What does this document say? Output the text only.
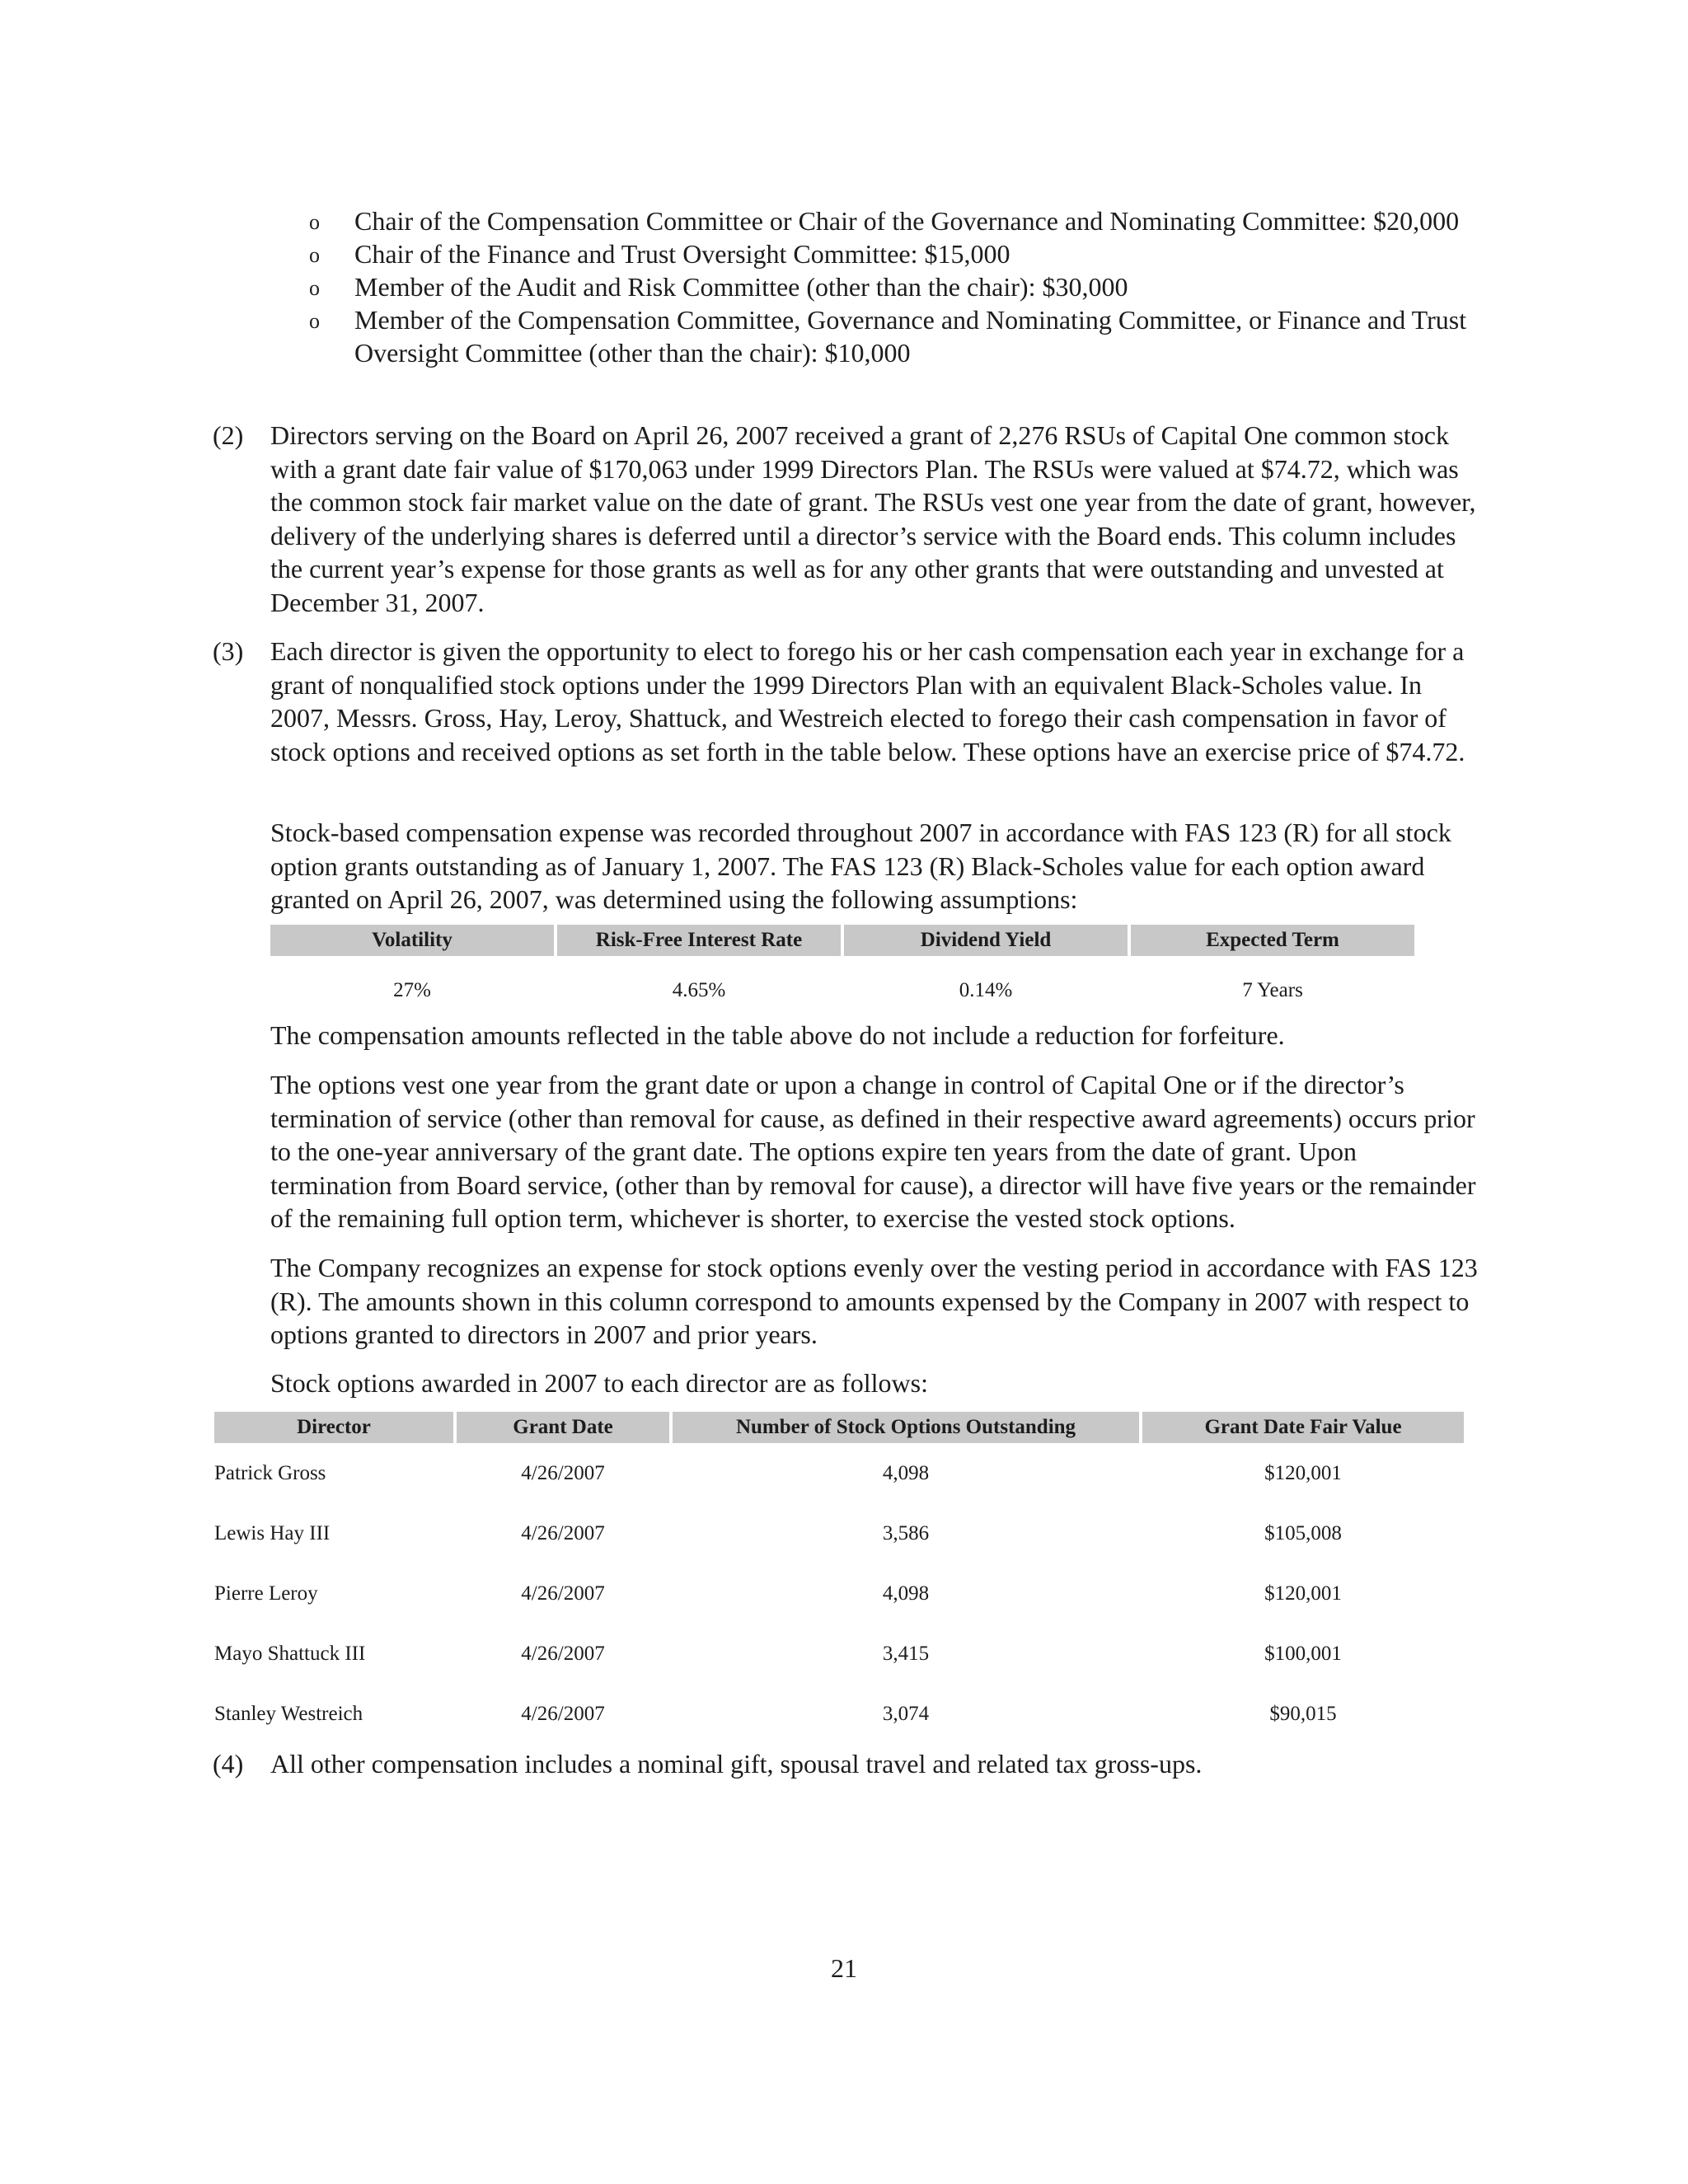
o Chair of the Compensation Committee or Chair of the Governance and Nominating Committee: $20,000
o Chair of the Finance and Trust Oversight Committee: $15,000
o Member of the Audit and Risk Committee (other than the chair): $30,000
o Member of the Compensation Committee, Governance and Nominating Committee, or Finance and Trust Oversight Committee (other than the chair): $10,000
(2) Directors serving on the Board on April 26, 2007 received a grant of 2,276 RSUs of Capital One common stock with a grant date fair value of $170,063 under 1999 Directors Plan. The RSUs were valued at $74.72, which was the common stock fair market value on the date of grant. The RSUs vest one year from the date of grant, however, delivery of the underlying shares is deferred until a director’s service with the Board ends. This column includes the current year’s expense for those grants as well as for any other grants that were outstanding and unvested at December 31, 2007.

(3) Each director is given the opportunity to elect to forego his or her cash compensation each year in exchange for a grant of nonqualified stock options under the 1999 Directors Plan with an equivalent Black-Scholes value. In 2007, Messrs. Gross, Hay, Leroy, Shattuck, and Westreich elected to forego their cash compensation in favor of stock options and received options as set forth in the table below. These options have an exercise price of $74.72.

Stock-based compensation expense was recorded throughout 2007 in accordance with FAS 123 (R) for all stock option grants outstanding as of January 1, 2007. The FAS 123 (R) Black-Scholes value for each option award granted on April 26, 2007, was determined using the following assumptions:

Volatility		Risk-Free Interest Rate		Dividend Yield		Expected Term
27%		4.65%		0.14%		7 Years

The compensation amounts reflected in the table above do not include a reduction for forfeiture.

The options vest one year from the grant date or upon a change in control of Capital One or if the director’s termination of service (other than removal for cause, as defined in their respective award agreements) occurs prior to the one-year anniversary of the grant date. The options expire ten years from the date of grant. Upon termination from Board service, (other than by removal for cause), a director will have five years or the remainder of the remaining full option term, whichever is shorter, to exercise the vested stock options.

The Company recognizes an expense for stock options evenly over the vesting period in accordance with FAS 123 (R). The amounts shown in this column correspond to amounts expensed by the Company in 2007 with respect to options granted to directors in 2007 and prior years.

Stock options awarded in 2007 to each director are as follows:

Director		Grant Date		Number of Stock Options Outstanding		Grant Date Fair Value
Patrick Gross		4/26/2007		4,098		$120,001
Lewis Hay III		4/26/2007		3,586		$105,008
Pierre Leroy		4/26/2007		4,098		$120,001
Mayo Shattuck III		4/26/2007		3,415		$100,001
Stanley Westreich		4/26/2007		3,074		$90,015
(4) All other compensation includes a nominal gift, spousal travel and related tax gross-ups.

21
